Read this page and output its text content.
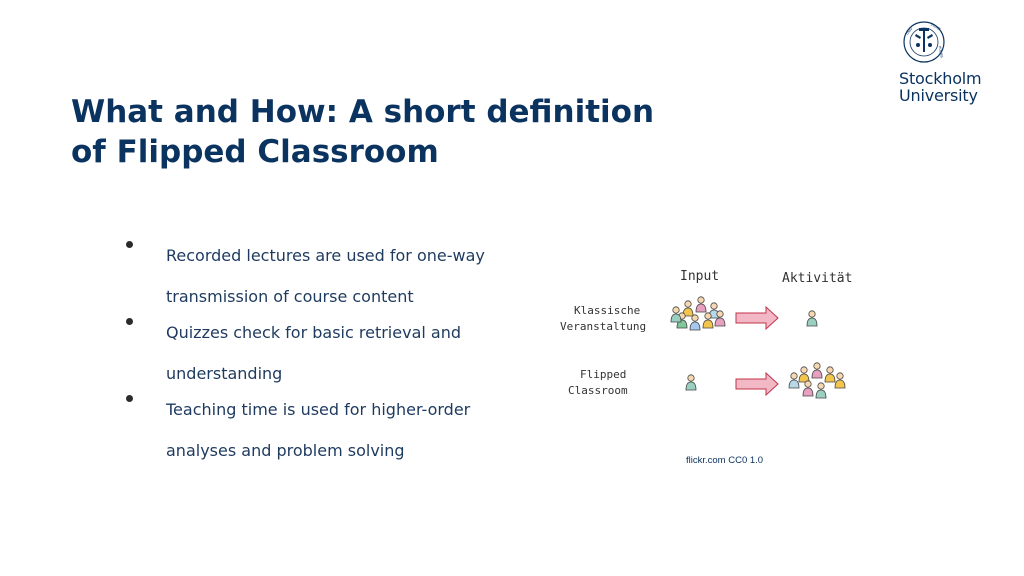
UNIV	STOCK
HOLMS
Stockholm
University
What and How: A short definition
of Flipped Classroom
Recorded lectures are used for one-way transmission of course content
Quizzes check for basic retrieval and understanding
Teaching time is used for higher-order analyses and problem solving
Input	Aktivität
Klassische
Veranstaltung
Flipped
Classroom
flickr.com CC0 1.0
